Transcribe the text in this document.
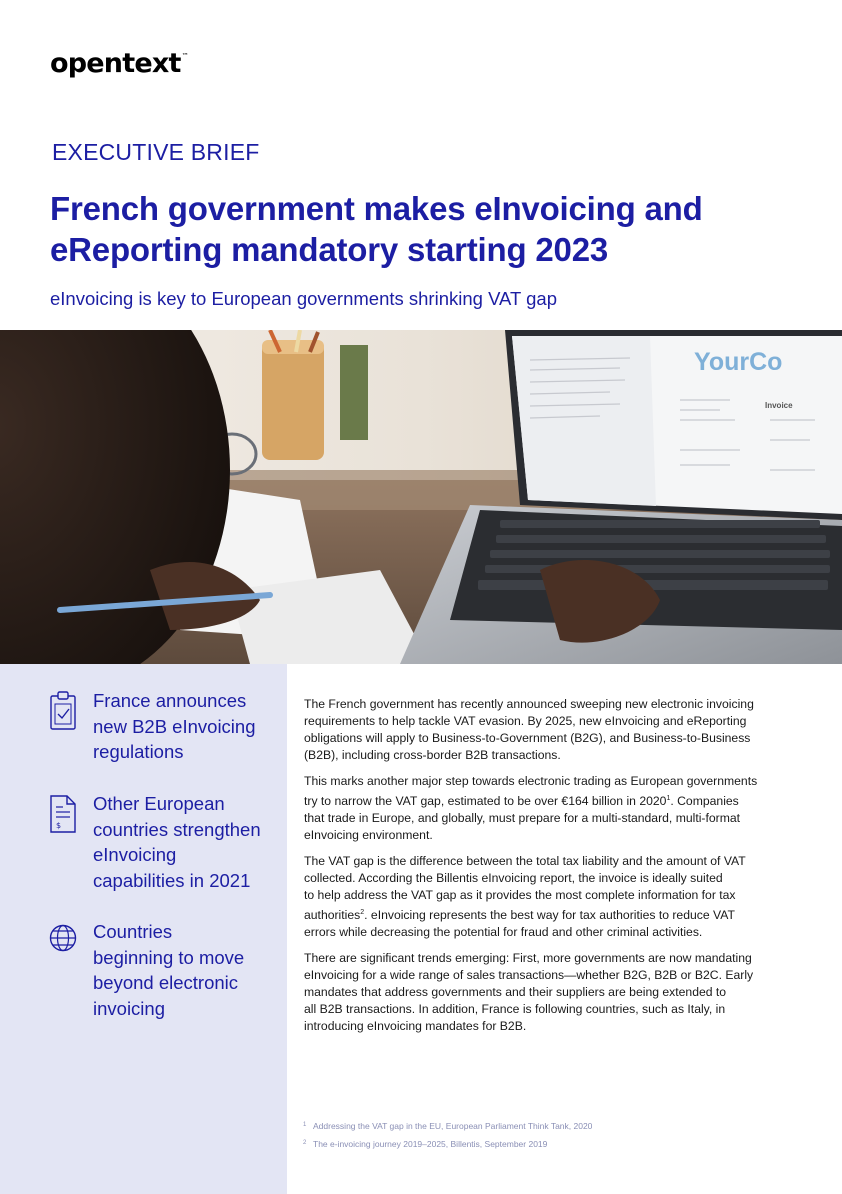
opentext™
EXECUTIVE BRIEF
French government makes eInvoicing and
eReporting mandatory starting 2023
eInvoicing is key to European governments shrinking VAT gap
YourCo
Invoice
France announces
new B2B eInvoicing
regulations
$
Other European
countries strengthen
eInvoicing
capabilities in 2021
Countries
beginning to move
beyond electronic
invoicing

The French government has recently announced sweeping new electronic invoicing
requirements to help tackle VAT evasion. By 2025, new eInvoicing and eReporting
obligations will apply to Business-to-Government (B2G), and Business-to-Business
(B2B), including cross-border B2B transactions.

This marks another major step towards electronic trading as European governments
try to narrow the VAT gap, estimated to be over €164 billion in 2020$^1$. Companies
that trade in Europe, and globally, must prepare for a multi-standard, multi-format
eInvoicing environment.

The VAT gap is the difference between the total tax liability and the amount of VAT
collected. According the Billentis eInvoicing report, the invoice is ideally suited
to help address the VAT gap as it provides the most complete information for tax
authorities$^2$. eInvoicing represents the best way for tax authorities to reduce VAT
errors while decreasing the potential for fraud and other criminal activities.

There are significant trends emerging: First, more governments are now mandating
eInvoicing for a wide range of sales transactions—whether B2G, B2B or B2C. Early
mandates that address governments and their suppliers are being extended to
all B2B transactions. In addition, France is following countries, such as Italy, in
introducing eInvoicing mandates for B2B.

1 Addressing the VAT gap in the EU, European Parliament Think Tank, 2020
2 The e-invoicing journey 2019–2025, Billentis, September 2019
